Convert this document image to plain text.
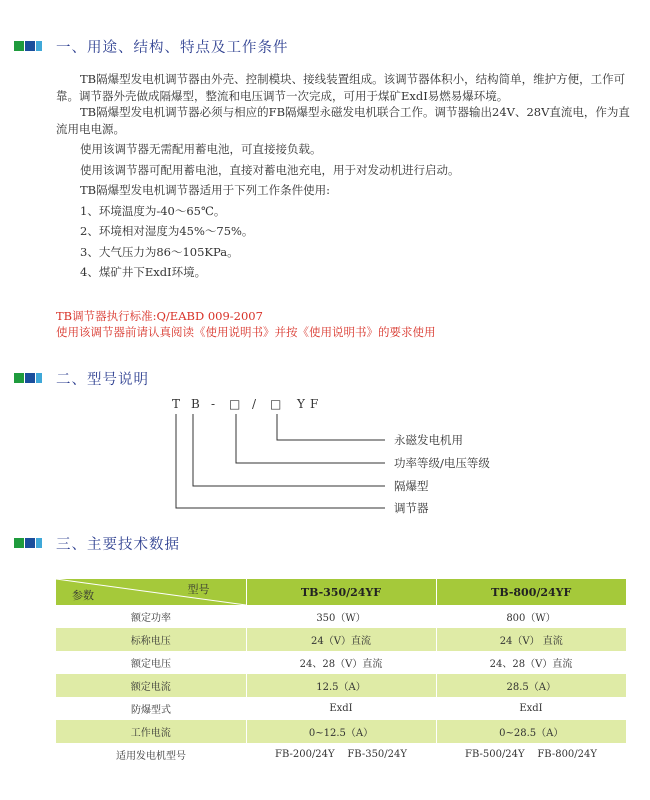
一、用途、结构、特点及工作条件

TB隔爆型发电机调节器由外壳、控制模块、接线装置组成。该调节器体积小，结构简单，维护方便，工作可靠。调节器外壳做成隔爆型，整流和电压调节一次完成，可用于煤矿ExdI易燃易爆环境。

TB隔爆型发电机调节器必须与相应的FB隔爆型永磁发电机联合工作。调节器输出24V、28V直流电，作为直流用电电源。

使用该调节器无需配用蓄电池，可直接接负载。

使用该调节器可配用蓄电池，直接对蓄电池充电，用于对发动机进行启动。

TB隔爆型发电机调节器适用于下列工作条件使用:

1、环境温度为-40～65℃。

2、环境相对湿度为45%～75%。

3、大气压力为86～105KPa。

4、煤矿井下ExdI环境。

TB调节器执行标准:Q/EABD 009-2007
使用该调节器前请认真阅读《使用说明书》并按《使用说明书》的要求使用
二、型号说明
T B - □ / □ Y F
永磁发电机用
功率等级/电压等级
隔爆型
调节器
三、主要技术数据
型号
参数	TB-350/24YF	TB-800/24YF
额定功率	350（W）	800（W）
标称电压	24（V）直流	24（V） 直流
额定电压	24、28（V）直流	24、28（V）直流
额定电流	12.5（A）	28.5（A）
防爆型式	ExdI	ExdI
工作电流	0~12.5（A）	0~28.5（A）
适用发电机型号	FB-200/24Y    FB-350/24Y	FB-500/24Y    FB-800/24Y
